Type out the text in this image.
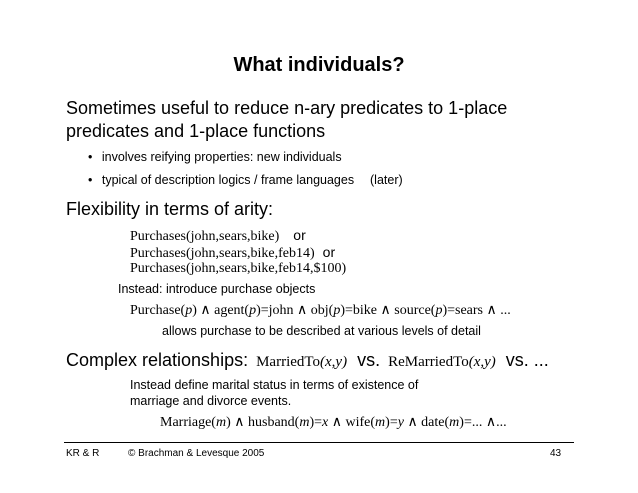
What individuals?
Sometimes useful to reduce n-ary predicates to 1-place
predicates and 1-place functions
• involves reifying properties: new individuals
• typical of description logics / frame languages (later)
Flexibility in terms of arity:
Purchases(john,sears,bike) or
Purchases(john,sears,bike,feb14) or
Purchases(john,sears,bike,feb14,$100)
Instead: introduce purchase objects
Purchase(p) ∧ agent(p)=john ∧ obj(p)=bike ∧ source(p)=sears ∧ ...
allows purchase to be described at various levels of detail
Complex relationships: MarriedTo(x,y) vs. ReMarriedTo(x,y) vs. ...
Instead define marital status in terms of existence of
marriage and divorce events.
Marriage(m) ∧ husband(m)=x ∧ wife(m)=y ∧ date(m)=... ∧...
KR & R	© Brachman & Levesque 2005	43
